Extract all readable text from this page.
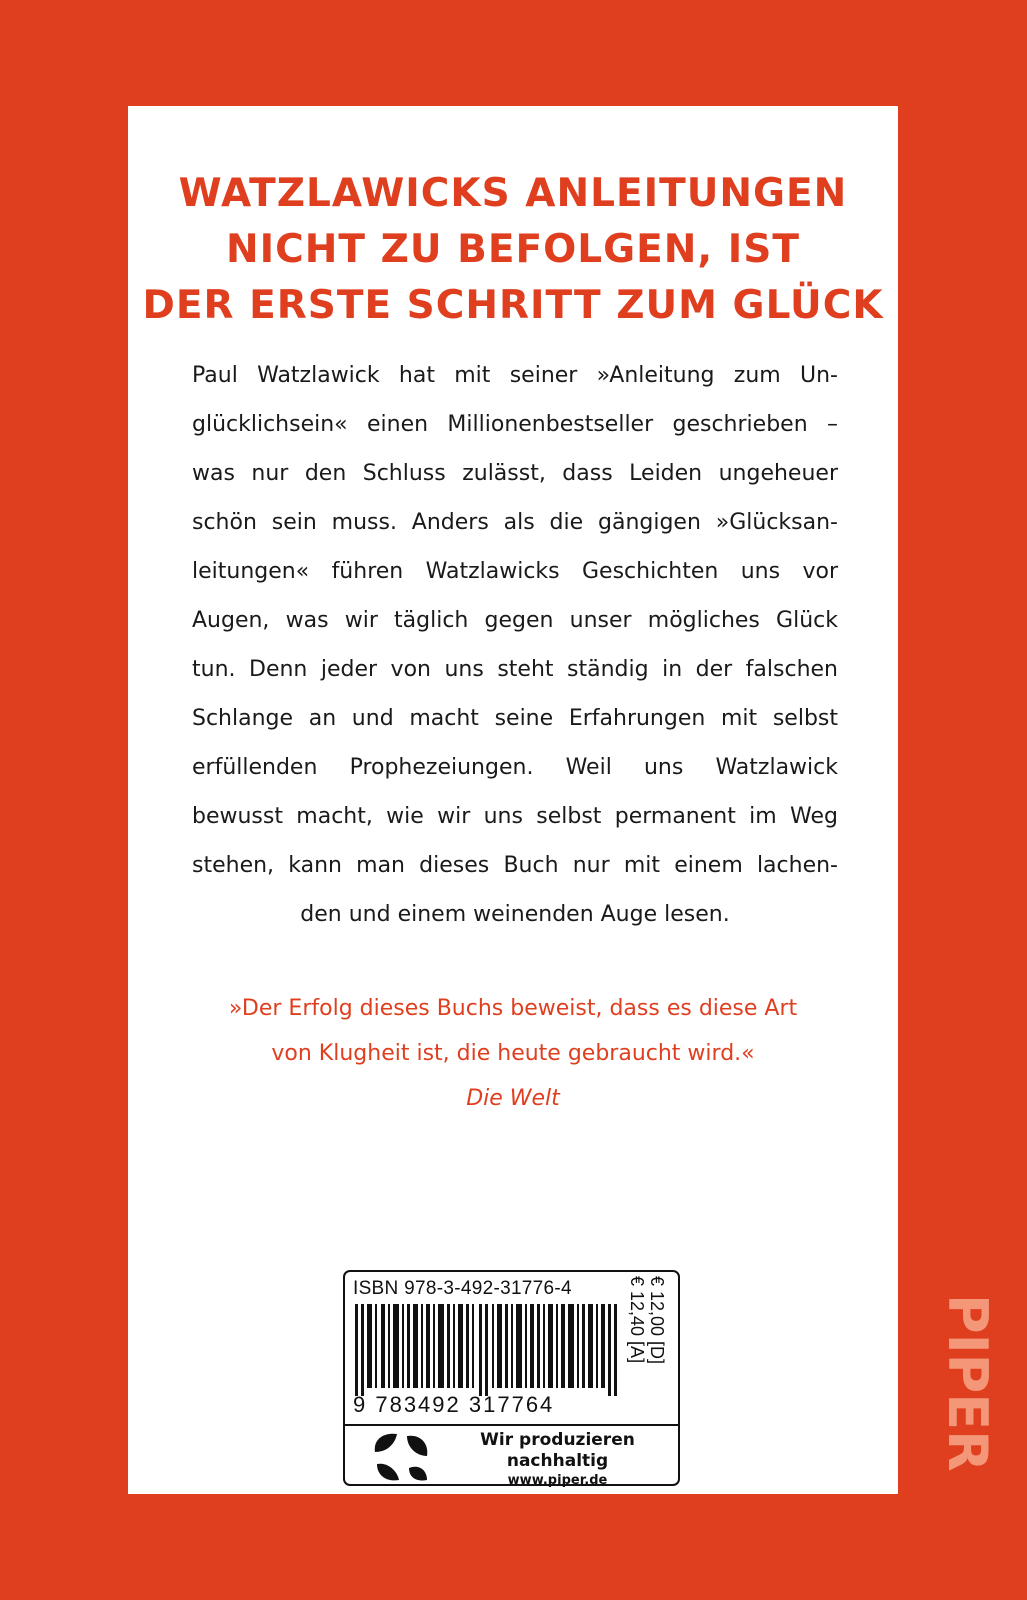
WATZLAWICKS ANLEITUNGEN
NICHT ZU BEFOLGEN, IST
DER ERSTE SCHRITT ZUM GLÜCK

Paul Watzlawick hat mit seiner »Anleitung zum Un-
glücklichsein« einen Millionenbestseller geschrieben –
was nur den Schluss zulässt, dass Leiden ungeheuer
schön sein muss. Anders als die gängigen »Glücksan-
leitungen« führen Watzlawicks Geschichten uns vor
Augen, was wir täglich gegen unser mögliches Glück
tun. Denn jeder von uns steht ständig in der falschen
Schlange an und macht seine Erfahrungen mit selbst
erfüllenden Prophezeiungen. Weil uns Watzlawick
bewusst macht, wie wir uns selbst permanent im Weg
stehen, kann man dieses Buch nur mit einem lachen-
den und einem weinenden Auge lesen.

»Der Erfolg dieses Buchs beweist, dass es diese Art
von Klugheit ist, die heute gebraucht wird.«
Die Welt

ISBN 978-3-492-31776-4
9 783492 317764
€ 12,00 [D]
€ 12,40 [A]
Wir produzieren
nachhaltig
www.piper.de
PIPER
